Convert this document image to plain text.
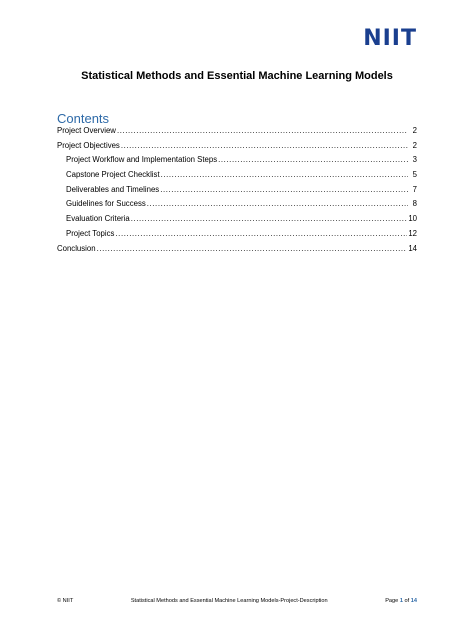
NIIT
Statistical Methods and Essential Machine Learning Models
Contents
Project Overview .....	2
Project Objectives .....	2
Project Workflow and Implementation Steps .....	3
Capstone Project Checklist .....	5
Deliverables and Timelines .....	7
Guidelines for Success .....	8
Evaluation Criteria .....	10
Project Topics .....	12
Conclusion .....	14
© NIIT	Statistical Methods and Essential Machine Learning Models-Project-Description	Page 1 of 14
